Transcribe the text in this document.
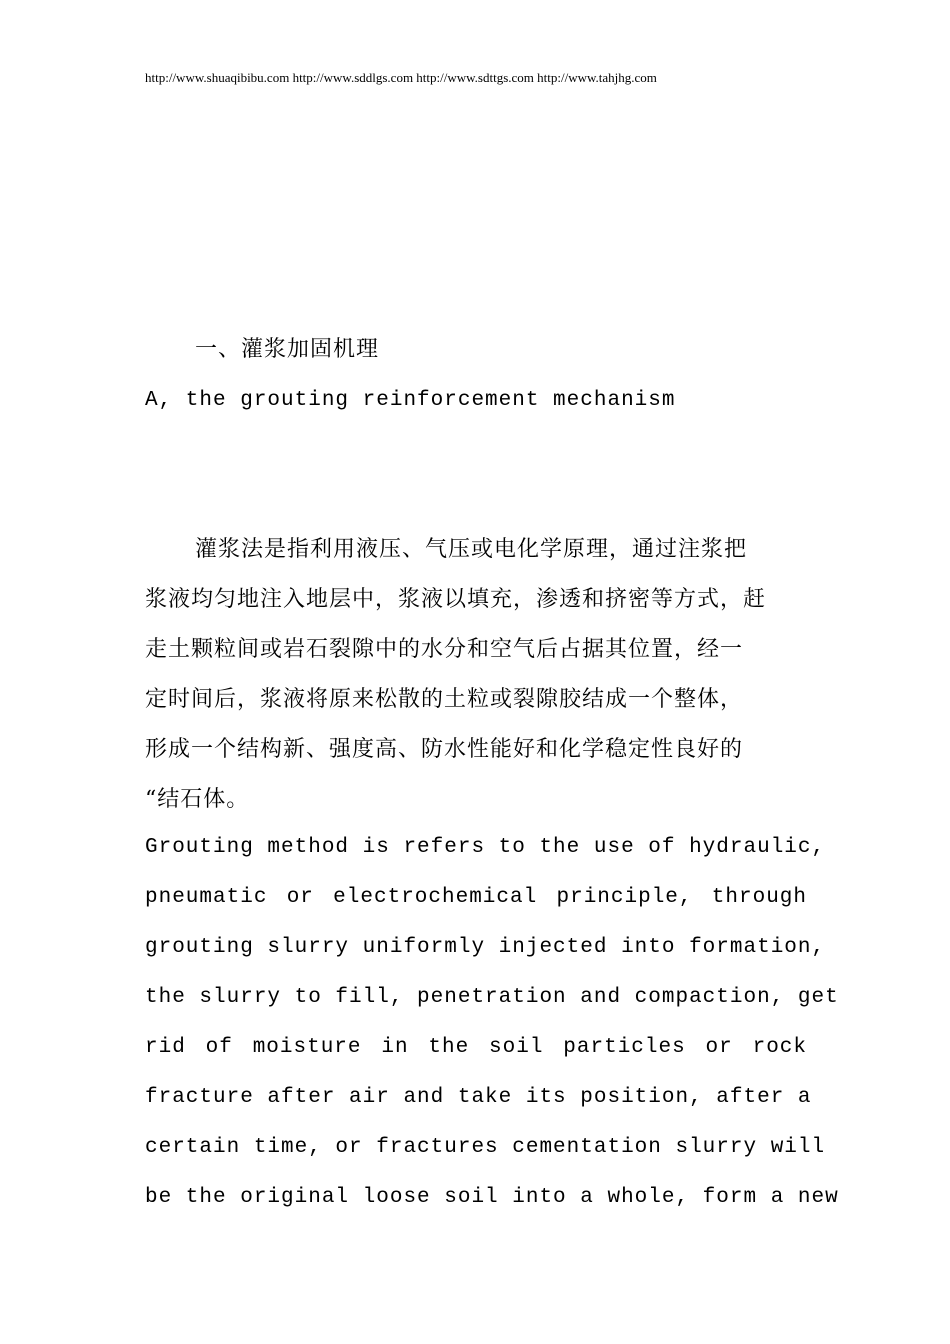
http://www.shuaqibibu.com http://www.sddlgs.com http://www.sdttgs.com http://www.tahjhg.com
一、灌浆加固机理
A, the grouting reinforcement mechanism
灌浆法是指利用液压、气压或电化学原理，通过注浆把
浆液均匀地注入地层中，浆液以填充，渗透和挤密等方式，赶
走土颗粒间或岩石裂隙中的水分和空气后占据其位置，经一
定时间后，浆液将原来松散的土粒或裂隙胶结成一个整体，
形成一个结构新、强度高、防水性能好和化学稳定性良好的
“结石体。
Grouting method is refers to the use of hydraulic,
pneumatic or electrochemical principle, through
grouting slurry uniformly injected into formation,
the slurry to fill, penetration and compaction, get
rid of moisture in the soil particles or rock
fracture after air and take its position, after a
certain time, or fractures cementation slurry will
be the original loose soil into a whole, form a new
